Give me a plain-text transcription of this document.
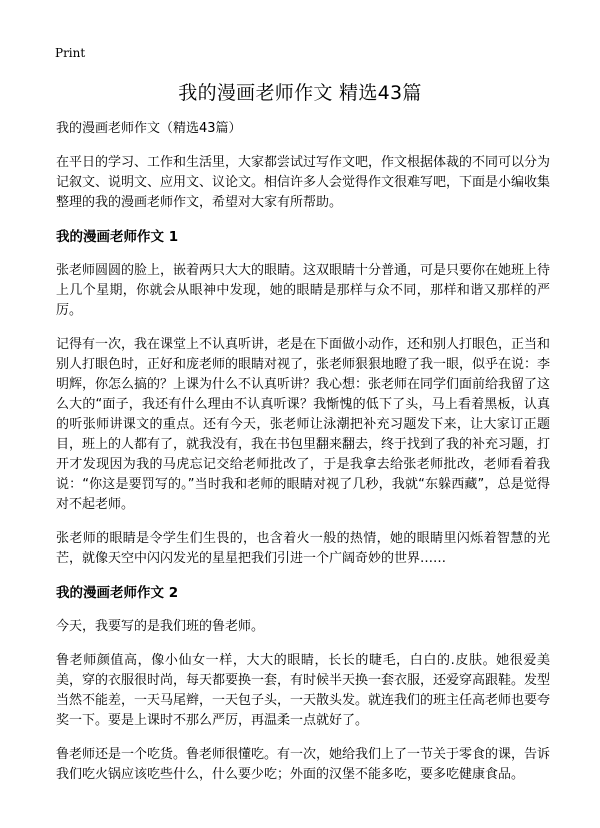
Print
我的漫画老师作文 精选43篇
我的漫画老师作文（精选43篇）

在平日的学习、工作和生活里，大家都尝试过写作文吧，作文根据体裁的不同可以分为记叙文、说明文、应用文、议论文。相信许多人会觉得作文很难写吧，下面是小编收集整理的我的漫画老师作文，希望对大家有所帮助。

我的漫画老师作文 1

张老师圆圆的脸上，嵌着两只大大的眼睛。这双眼睛十分普通，可是只要你在她班上待上几个星期，你就会从眼神中发现，她的眼睛是那样与众不同，那样和谐又那样的严厉。

记得有一次，我在课堂上不认真听讲，老是在下面做小动作，还和别人打眼色，正当和别人打眼色时，正好和庞老师的眼睛对视了，张老师狠狠地瞪了我一眼，似乎在说：李明辉，你怎么搞的？上课为什么不认真听讲？我心想：张老师在同学们面前给我留了这么大的“面子，我还有什么理由不认真听课？我惭愧的低下了头，马上看着黑板，认真的听张师讲课文的重点。还有今天，张老师让泳潮把补充习题发下来，让大家订正题目，班上的人都有了，就我没有，我在书包里翻来翻去，终于找到了我的补充习题，打开才发现因为我的马虎忘记交给老师批改了，于是我拿去给张老师批改，老师看着我说：“你这是要罚写的。”当时我和老师的眼睛对视了几秒，我就“东躲西藏”，总是觉得对不起老师。

张老师的眼睛是令学生们生畏的，也含着火一般的热情，她的眼睛里闪烁着智慧的光芒，就像天空中闪闪发光的星星把我们引进一个广阔奇妙的世界……

我的漫画老师作文 2

今天，我要写的是我们班的鲁老师。

鲁老师颜值高，像小仙女一样，大大的眼睛，长长的睫毛，白白的.皮肤。她很爱美美，穿的衣服很时尚，每天都要换一套，有时候半天换一套衣服，还爱穿高跟鞋。发型当然不能差，一天马尾辫，一天包子头，一天散头发。就连我们的班主任高老师也要夸奖一下。要是上课时不那么严厉，再温柔一点就好了。

鲁老师还是一个吃货。鲁老师很懂吃。有一次，她给我们上了一节关于零食的课，告诉我们吃火锅应该吃些什么，什么要少吃；外面的汉堡不能多吃，要多吃健康食品。
